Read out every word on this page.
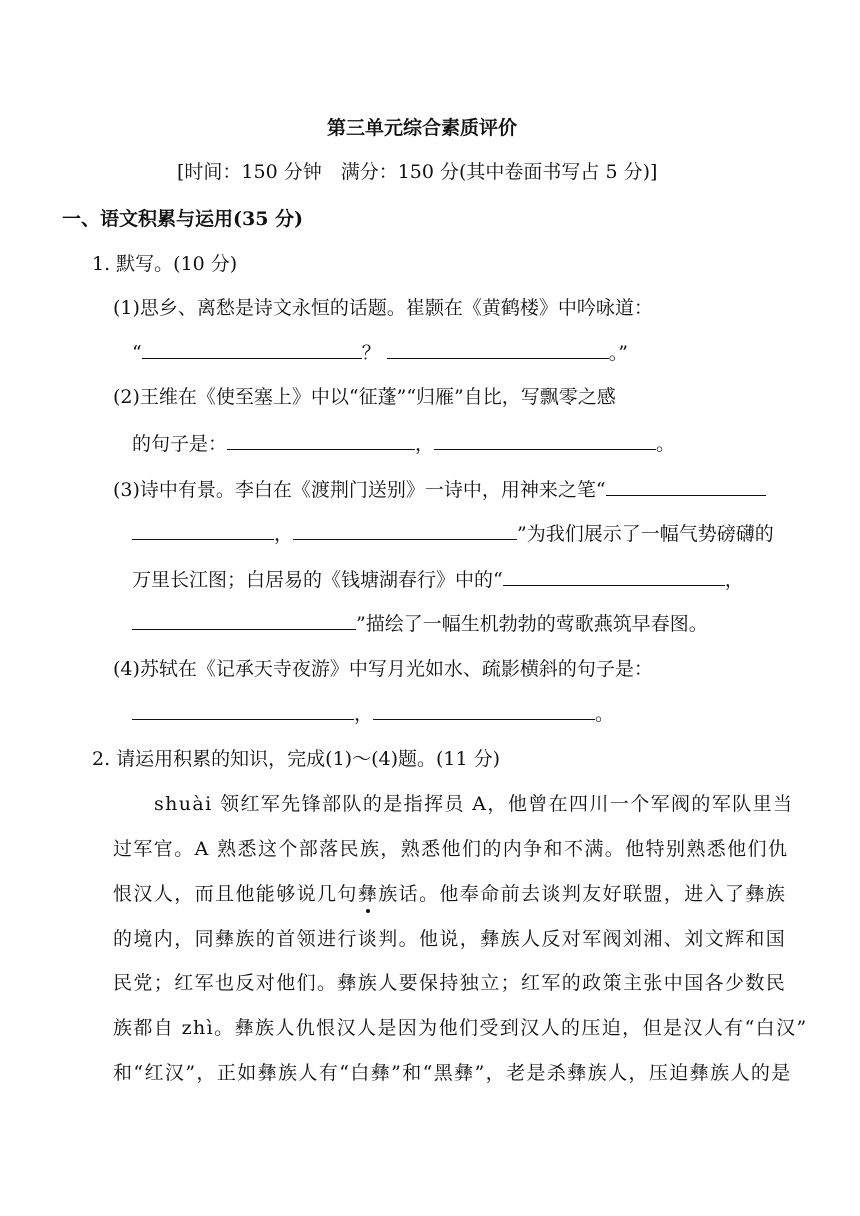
第三单元综合素质评价
[时间：150 分钟　满分：150 分(其中卷面书写占 5 分)]
一、语文积累与运用(35 分)
1. 默写。(10 分)
(1)思乡、离愁是诗文永恒的话题。崔颢在《黄鹤楼》中吟咏道：
“	？	。”
(2)王维在《使至塞上》中以“征蓬”“归雁”自比，写飘零之感
的句子是：	，	。
(3)诗中有景。李白在《渡荆门送别》一诗中，用神来之笔“
，	”为我们展示了一幅气势磅礴的
万里长江图；白居易的《钱塘湖春行》中的“	，
”描绘了一幅生机勃勃的莺歌燕筑早春图。
(4)苏轼在《记承天寺夜游》中写月光如水、疏影横斜的句子是：
，	。
2. 请运用积累的知识，完成(1)～(4)题。(11 分)
shuài 领红军先锋部队的是指挥员 A，他曾在四川一个军阀的军队里当
过军官。A 熟悉这个部落民族，熟悉他们的内争和不满。他特别熟悉他们仇
恨汉人，而且他能够说几句彝
族话。他奉命前去谈判友好联盟，进入了彝族
的境内，同彝族的首领进行谈判。他说，彝族人反对军阀刘湘、刘文辉和国
民党；红军也反对他们。彝族人要保持独立；红军的政策主张中国各少数民
族都自 zhì。彝族人仇恨汉人是因为他们受到汉人的压迫，但是汉人有“白汉”
和“红汉”，正如彝族人有“白彝”和“黑彝”，老是杀彝族人，压迫彝族人的是
